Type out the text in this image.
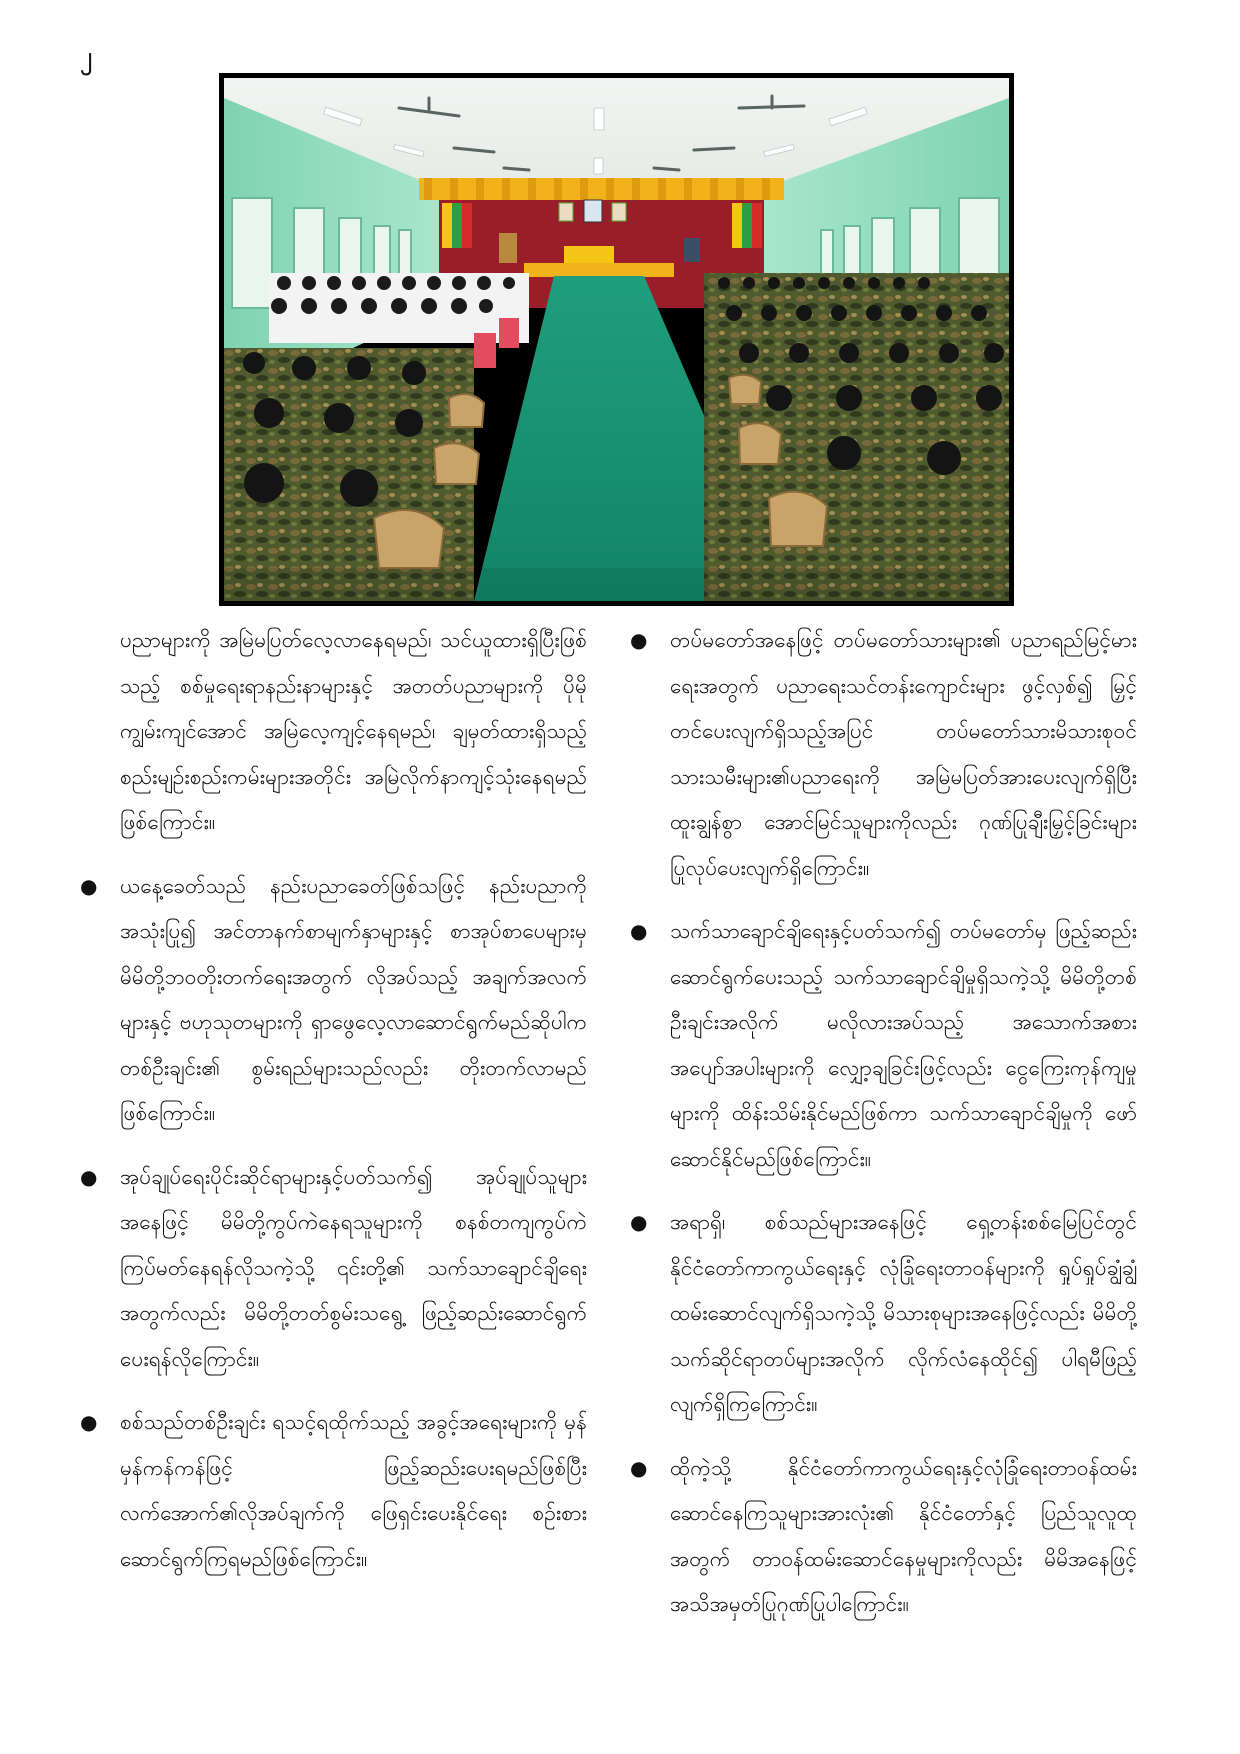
၂

ပညာများကို အမြဲမပြတ်လေ့လာနေရမည်၊ သင်ယူထားရှိပြီးဖြစ်သည့် စစ်မှုရေးရာနည်းနာများနှင့် အတတ်ပညာများကို ပိုမိုကျွမ်းကျင်အောင် အမြဲလေ့ကျင့်နေရမည်၊ ချမှတ်ထားရှိသည့်စည်းမျဉ်းစည်းကမ်းများအတိုင်း အမြဲလိုက်နာကျင့်သုံးနေရမည်ဖြစ်ကြောင်း။

● ယနေ့ခေတ်သည် နည်းပညာခေတ်ဖြစ်သဖြင့် နည်းပညာကိုအသုံးပြု၍ အင်တာနက်စာမျက်နှာများနှင့် စာအုပ်စာပေများမှ မိမိတို့ဘဝတိုးတက်ရေးအတွက် လိုအပ်သည့် အချက်အလက်များနှင့် ဗဟုသုတများကို ရှာဖွေလေ့လာဆောင်ရွက်မည်ဆိုပါက တစ်ဦးချင်း၏ စွမ်းရည်များသည်လည်း တိုးတက်လာမည်ဖြစ်ကြောင်း။

● အုပ်ချုပ်ရေးပိုင်းဆိုင်ရာများနှင့်ပတ်သက်၍ အုပ်ချုပ်သူများအနေဖြင့် မိမိတို့ကွပ်ကဲနေရသူများကို စနစ်တကျကွပ်ကဲကြပ်မတ်နေရန်လိုသကဲ့သို့ ၎င်းတို့၏ သက်သာချောင်ချိရေးအတွက်လည်း မိမိတို့တတ်စွမ်းသရွေ့ ဖြည့်ဆည်းဆောင်ရွက်ပေးရန်လိုကြောင်း။

● စစ်သည်တစ်ဦးချင်း ရသင့်ရထိုက်သည့် အခွင့်အရေးများကို မှန်မှန်ကန်ကန်ဖြင့် ဖြည့်ဆည်းပေးရမည်ဖြစ်ပြီး လက်အောက်၏လိုအပ်ချက်ကို ဖြေရှင်းပေးနိုင်ရေး စဉ်းစားဆောင်ရွက်ကြရမည်ဖြစ်ကြောင်း။

● တပ်မတော်အနေဖြင့် တပ်မတော်သားများ၏ ပညာရည်မြင့်မားရေးအတွက် ပညာရေးသင်တန်းကျောင်းများ ဖွင့်လှစ်၍ မြှင့်တင်ပေးလျက်ရှိသည့်အပြင် တပ်မတော်သားမိသားစုဝင်သားသမီးများ၏ပညာရေးကို အမြဲမပြတ်အားပေးလျက်ရှိပြီး ထူးချွန်စွာ အောင်မြင်သူများကိုလည်း ဂုဏ်ပြုချီးမြှင့်ခြင်းများ ပြုလုပ်ပေးလျက်ရှိကြောင်း။

● သက်သာချောင်ချိရေးနှင့်ပတ်သက်၍ တပ်မတော်မှ ဖြည့်ဆည်းဆောင်ရွက်ပေးသည့် သက်သာချောင်ချိမှုရှိသကဲ့သို့ မိမိတို့တစ်ဦးချင်းအလိုက် မလိုလားအပ်သည့် အသောက်အစားအပျော်အပါးများကို လျှော့ချခြင်းဖြင့်လည်း ငွေကြေးကုန်ကျမှုများကို ထိန်းသိမ်းနိုင်မည်ဖြစ်ကာ သက်သာချောင်ချိမှုကို ဖော်ဆောင်နိုင်မည်ဖြစ်ကြောင်း။

● အရာရှိ၊ စစ်သည်များအနေဖြင့် ရှေ့တန်းစစ်မြေပြင်တွင် နိုင်ငံတော်ကာကွယ်ရေးနှင့် လုံခြုံရေးတာဝန်များကို ရှုပ်ရှုပ်ချွံချွံ ထမ်းဆောင်လျက်ရှိသကဲ့သို့ မိသားစုများအနေဖြင့်လည်း မိမိတို့သက်ဆိုင်ရာတပ်များအလိုက် လိုက်လံနေထိုင်၍ ပါရမီဖြည့်လျက်ရှိကြကြောင်း။

● ထိုကဲ့သို့ နိုင်ငံတော်ကာကွယ်ရေးနှင့်လုံခြုံရေးတာဝန်ထမ်းဆောင်နေကြသူများအားလုံး၏ နိုင်ငံတော်နှင့် ပြည်သူလူထုအတွက် တာဝန်ထမ်းဆောင်နေမှုများကိုလည်း မိမိအနေဖြင့် အသိအမှတ်ပြုဂုဏ်ပြုပါကြောင်း။
